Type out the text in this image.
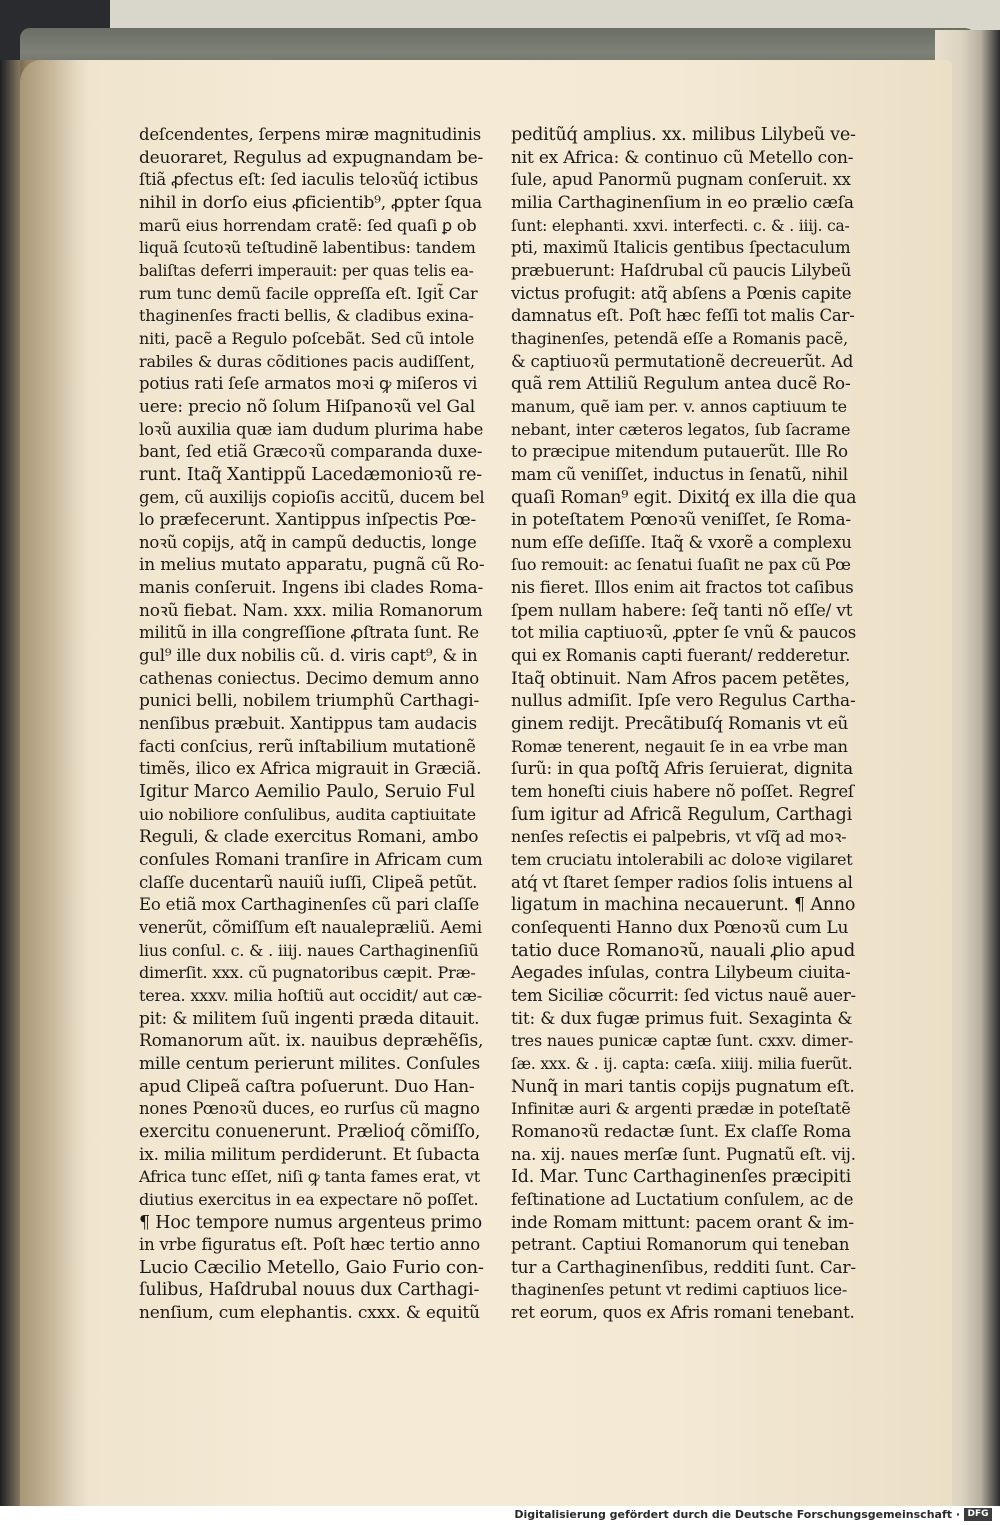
deſcendentes, ſerpens miræ magnitudinis
deuoraret, Regulus ad expugnandam be-
ſtiã ꝓfectus eſt: ſed iaculis teloꝛũq́ ictibus
nihil in dorſo eius ꝓficientib⁹, ꝓpter ſqua
marũ eius horrendam cratẽ: ſed quaſi ꝑ ob
liquã ſcutoꝛũ teſtudinẽ labentibus: tandem
baliſtas deferri imperauit: per quas telis ea-
rum tunc demũ facile oppreſſa eſt. Igit̃ Car
thaginenſes fracti bellis, & cladibus exina-
niti, pacẽ a Regulo poſcebãt. Sed cũ intole
rabiles & duras cõditiones pacis audiſſent,
potius rati ſeſe armatos moꝛi ꝙ miſeros vi
uere: precio nõ ſolum Hiſpanoꝛũ vel Gal
loꝛũ auxilia quæ iam dudum plurima habe
bant, ſed etiã Græcoꝛũ comparanda duxe-
runt. Itaq̃ Xantippũ Lacedæmonioꝛũ re-
gem, cũ auxilijs copioſis accitũ, ducem bel
lo præfecerunt. Xantippus inſpectis Pœ-
noꝛũ copijs, atq̃ in campũ deductis, longe
in melius mutato apparatu, pugnã cũ Ro-
manis conſeruit. Ingens ibi clades Roma-
noꝛũ fiebat. Nam. xxx. milia Romanorum
militũ in illa congreſſione ꝓſtrata ſunt. Re
gul⁹ ille dux nobilis cũ. d. viris capt⁹, & in
cathenas coniectus. Decimo demum anno
punici belli, nobilem triumphũ Carthagi-
nenſibus præbuit. Xantippus tam audacis
facti conſcius, rerũ inſtabilium mutationẽ
timẽs, ilico ex Africa migrauit in Græciã.
Igitur Marco Aemilio Paulo, Seruio Ful
uio nobiliore conſulibus, audita captiuitate
Reguli, & clade exercitus Romani, ambo
conſules Romani tranſire in Africam cum
claſſe ducentarũ nauiũ iuſſi, Clipeã petũt.
Eo etiã mox Carthaginenſes cũ pari claſſe
venerũt, cõmiſſum eſt naualepræliũ. Aemi
lius conſul. c. & . iiij. naues Carthaginenſiũ
dimerſit. xxx. cũ pugnatoribus cæpit. Præ-
terea. xxxv. milia hoſtiũ aut occidit/ aut cæ-
pit: & militem ſuũ ingenti præda ditauit.
Romanorum aũt. ix. nauibus depræhẽſis,
mille centum perierunt milites. Conſules
apud Clipeã caſtra poſuerunt. Duo Han-
nones Pœnoꝛũ duces, eo rurſus cũ magno
exercitu conuenerunt. Prælioq́ cõmiſſo,
ix. milia militum perdiderunt. Et ſubacta
Africa tunc eſſet, niſi ꝙ tanta fames erat, vt
diutius exercitus in ea expectare nõ poſſet.
¶ Hoc tempore numus argenteus primo
in vrbe figuratus eſt. Poſt hæc tertio anno
Lucio Cæcilio Metello, Gaio Furio con-
ſulibus, Haſdrubal nouus dux Carthagi-
nenſium, cum elephantis. cxxx. & equitũ
peditũq́ amplius. xx. milibus Lilybeũ ve-
nit ex Africa: & continuo cũ Metello con-
ſule, apud Panormũ pugnam conſeruit. xx
milia Carthaginenſium in eo prælio cæſa
ſunt: elephanti. xxvi. interfecti. c. & . iiij. ca-
pti, maximũ Italicis gentibus ſpectaculum
præbuerunt: Haſdrubal cũ paucis Lilybeũ
victus profugit: atq̃ abſens a Pœnis capite
damnatus eſt. Poſt hæc feſſi tot malis Car-
thaginenſes, petendã eſſe a Romanis pacẽ,
& captiuoꝛũ permutationẽ decreuerũt. Ad
quã rem Attiliũ Regulum antea ducẽ Ro-
manum, quẽ iam per. v. annos captiuum te
nebant, inter cæteros legatos, ſub ſacrame
to præcipue mitendum putauerũt. Ille Ro
mam cũ veniſſet, inductus in ſenatũ, nihil
quaſi Roman⁹ egit. Dixitq́ ex illa die qua
in poteſtatem Pœnoꝛũ veniſſet, ſe Roma-
num eſſe deſiſſe. Itaq̃ & vxorẽ a complexu
ſuo remouit: ac ſenatui ſuaſit ne pax cũ Pœ
nis fieret. Illos enim ait fractos tot caſibus
ſpem nullam habere: ſeq̃ tanti nõ eſſe/ vt
tot milia captiuoꝛũ, ꝓpter ſe vnũ & paucos
qui ex Romanis capti fuerant/ redderetur.
Itaq̃ obtinuit. Nam Afros pacem petẽtes,
nullus admiſit. Ipſe vero Regulus Cartha-
ginem redijt. Precãtibuſq́ Romanis vt eũ
Romæ tenerent, negauit ſe in ea vrbe man
ſurũ: in qua poſtq̃ Afris ſeruierat, dignita
tem honeſti ciuis habere nõ poſſet. Regreſ
ſum igitur ad Africã Regulum, Carthagi
nenſes reſectis ei palpebris, vt vſq̃ ad moꝛ-
tem cruciatu intolerabili ac doloꝛe vigilaret
atq́ vt ſtaret ſemper radios ſolis intuens al
ligatum in machina necauerunt. ¶ Anno
conſequenti Hanno dux Pœnoꝛũ cum Lu
tatio duce Romanoꝛũ, nauali ꝓlio apud
Aegades inſulas, contra Lilybeum ciuita-
tem Siciliæ cõcurrit: ſed victus nauẽ auer-
tit: & dux fugæ primus fuit. Sexaginta &
tres naues punicæ captæ ſunt. cxxv. dimer-
ſæ. xxx. & . ij. capta: cæſa. xiiij. milia fuerũt.
Nunq̃ in mari tantis copijs pugnatum eſt.
Infinitæ auri & argenti prædæ in poteſtatẽ
Romanoꝛũ redactæ ſunt. Ex claſſe Roma
na. xij. naues merſæ ſunt. Pugnatũ eſt. vij.
Id. Mar. Tunc Carthaginenſes præcipiti
feſtinatione ad Luctatium conſulem, ac de
inde Romam mittunt: pacem orant & im-
petrant. Captiui Romanorum qui teneban
tur a Carthaginenſibus, redditi ſunt. Car-
thaginenſes petunt vt redimi captiuos lice-
ret eorum, quos ex Afris romani tenebant.
Digitalisierung gefördert durch die Deutsche Forschungsgemeinschaft · DFG
